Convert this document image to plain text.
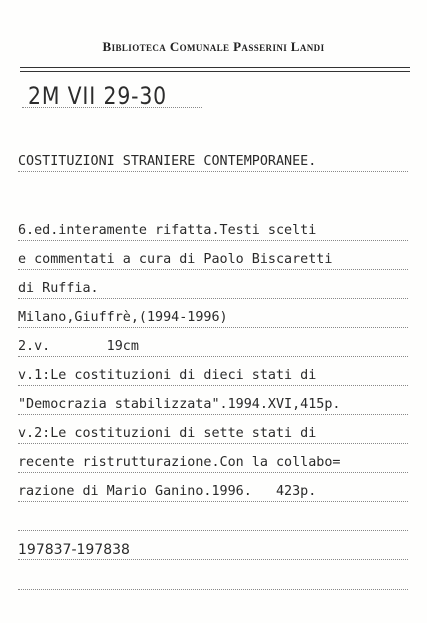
Biblioteca Comunale Passerini Landi
2M VII 29-30
COSTITUZIONI STRANIERE CONTEMPORANEE.
6.ed.interamente rifatta.Testi scelti
e commentati a cura di Paolo Biscaretti
di Ruffia.
Milano,Giuffrè,(1994-1996)
2.v.       19cm
v.1:Le costituzioni di dieci stati di
"Democrazia stabilizzata".1994.XVI,415p.
v.2:Le costituzioni di sette stati di
recente ristrutturazione.Con la collabo=
razione di Mario Ganino.1996.   423p.
197837-197838
